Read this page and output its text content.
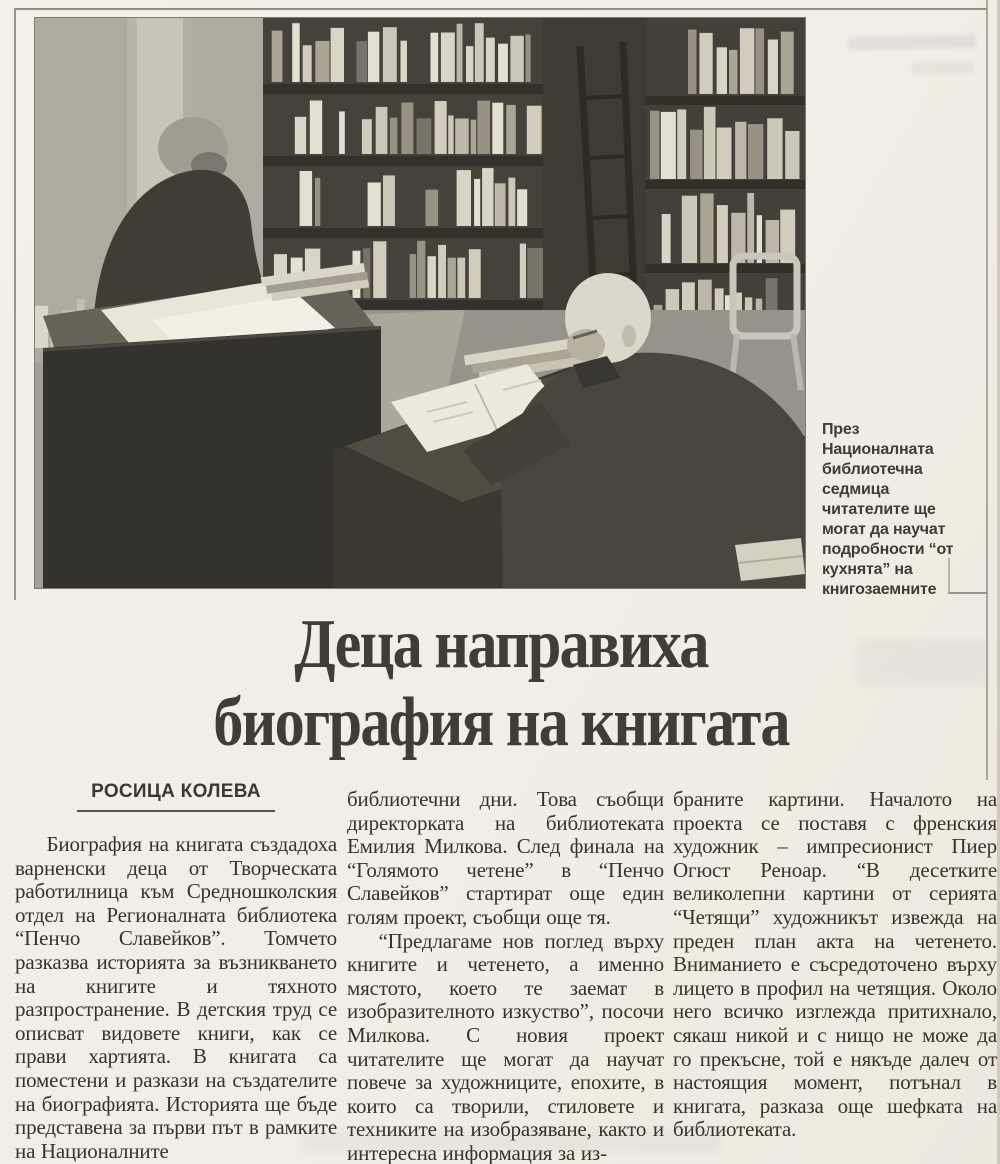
През Националната библиотечна седмица читателите ще могат да научат подробности “от кухнята” на книгозаемните
Деца направиха
биография на книгата
РОСИЦА КОЛЕВА

Биография на книгата създадоха варненски деца от Творческата работилница към Средношколския отдел на Регионалната библиотека “Пенчо Славейков”. Томчето разказва историята за възникването на книгите и тяхното разпространение. В детския труд се описват видовете книги, как се прави хартията. В книгата са поместени и разкази на създателите на биографията. Историята ще бъде представена за първи път в рамките на Националните

библиотечни дни. Това съобщи директорката на библиотеката Емилия Милкова. След финала на “Голямото четене” в “Пенчо Славейков” стартират още един голям проект, съобщи още тя.

“Предлагаме нов поглед върху книгите и четенето, а именно мястото, което те заемат в изобразителното изкуство”, посочи Милкова. С новия проект читателите ще могат да научат повече за художниците, епохите, в които са творили, стиловете и техниките на изобразяване, както и интересна информация за из-

браните картини. Началото на проекта се поставя с френския художник – импресионист Пиер Огюст Реноар. “В десетките великолепни картини от серията “Четящи” художникът извежда на преден план акта на четенето. Вниманието е съсредоточено върху лицето в профил на четящия. Около него всичко изглежда притихнало, сякаш никой и с нищо не може да го прекъсне, той е някъде далеч от настоящия момент, потънал в книгата, разказа още шефката на библиотеката.
